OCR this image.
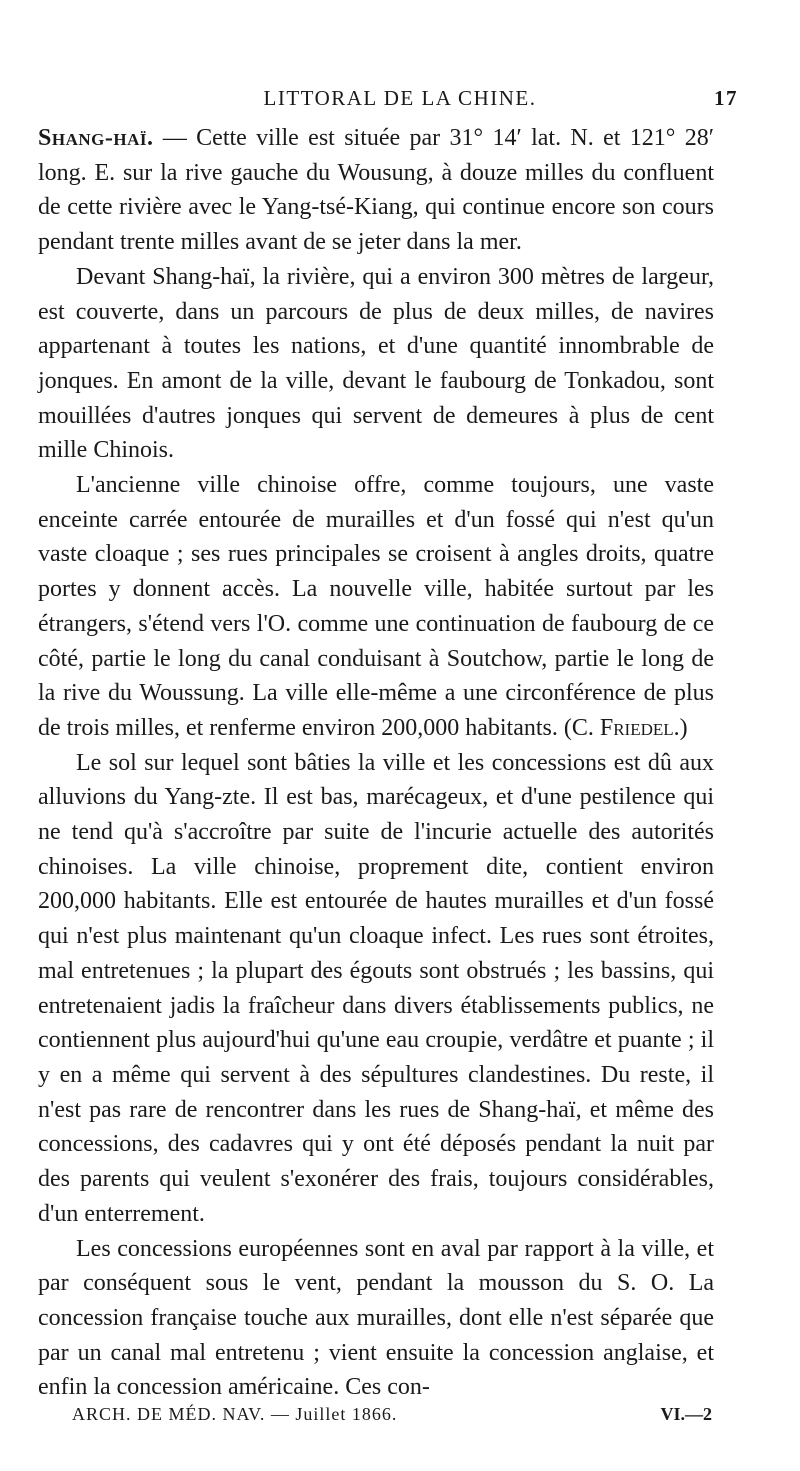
LITTORAL DE LA CHINE.	17

Shang-haï. — Cette ville est située par 31° 14′ lat. N. et 121° 28′ long. E. sur la rive gauche du Wousung, à douze milles du confluent de cette rivière avec le Yang-tsé-Kiang, qui continue encore son cours pendant trente milles avant de se jeter dans la mer.

Devant Shang-haï, la rivière, qui a environ 300 mètres de largeur, est couverte, dans un parcours de plus de deux milles, de navires appartenant à toutes les nations, et d'une quantité innombrable de jonques. En amont de la ville, devant le faubourg de Tonkadou, sont mouillées d'autres jonques qui servent de demeures à plus de cent mille Chinois.

L'ancienne ville chinoise offre, comme toujours, une vaste enceinte carrée entourée de murailles et d'un fossé qui n'est qu'un vaste cloaque ; ses rues principales se croisent à angles droits, quatre portes y donnent accès. La nouvelle ville, habitée surtout par les étrangers, s'étend vers l'O. comme une continuation de faubourg de ce côté, partie le long du canal conduisant à Soutchow, partie le long de la rive du Woussung. La ville elle-même a une circonférence de plus de trois milles, et renferme environ 200,000 habitants. (C. Friedel.)

Le sol sur lequel sont bâties la ville et les concessions est dû aux alluvions du Yang-zte. Il est bas, marécageux, et d'une pestilence qui ne tend qu'à s'accroître par suite de l'incurie actuelle des autorités chinoises. La ville chinoise, proprement dite, contient environ 200,000 habitants. Elle est entourée de hautes murailles et d'un fossé qui n'est plus maintenant qu'un cloaque infect. Les rues sont étroites, mal entretenues ; la plupart des égouts sont obstrués ; les bassins, qui entretenaient jadis la fraîcheur dans divers établissements publics, ne contiennent plus aujourd'hui qu'une eau croupie, verdâtre et puante ; il y en a même qui servent à des sépultures clandestines. Du reste, il n'est pas rare de rencontrer dans les rues de Shang-haï, et même des concessions, des cadavres qui y ont été déposés pendant la nuit par des parents qui veulent s'exonérer des frais, toujours considérables, d'un enterrement.

Les concessions européennes sont en aval par rapport à la ville, et par conséquent sous le vent, pendant la mousson du S. O. La concession française touche aux murailles, dont elle n'est séparée que par un canal mal entretenu ; vient ensuite la concession anglaise, et enfin la concession américaine. Ces con-

ARCH. DE MÉD. NAV. — Juillet 1866.	VI.—2
